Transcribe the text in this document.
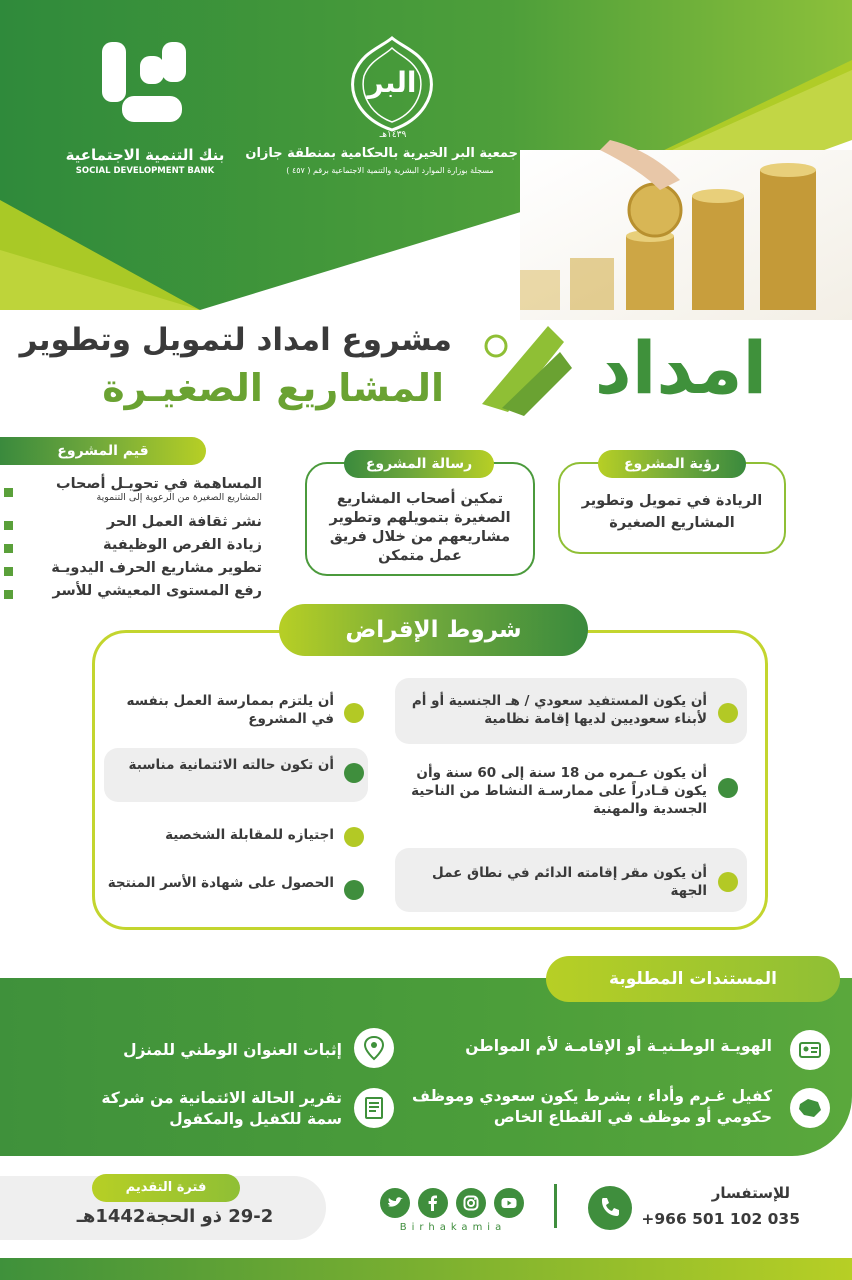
بنك التنمية الاجتماعية
SOCIAL DEVELOPMENT BANK
البر
١٤٣٩هـ
جمعية البر الخيرية بالحكامية بمنطقة جازان
مسجلة بوزارة الموارد البشرية والتنمية الاجتماعية برقم ( ٤٥٧ )
مشروع امداد لتمويل وتطوير
المشاريع الصغيـرة	امداد
الريادة في تمويل وتطوير المشاريع الصغيرة
رؤية المشروع
تمكين أصحاب المشاريع الصغيرة بتمويلهم وتطوير مشاريعهم من خلال فريق عمل متمكن
رسالة المشروع
قيم المشروع
المساهمة في تحويـل أصحاب
المشاريع الصغيرة من الرعوية إلى التنموية
نشر ثقافة العمل الحر
زيادة الفرص الوظيفية
تطوير مشاريع الحرف اليدويـة
رفع المستوى المعيشي للأسر
شروط الإقراض
أن يكون المستفيد سعودي / هـ الجنسية أو أم لأبناء سعوديين لديها إقامة نظامية
أن يكون عـمره من 18 سنة إلى 60 سنة وأن يكون قـادراً على ممارسـة النشاط من الناحية الجسدية والمهنية
أن يكون مقر إقامته الدائم في نطاق عمل الجهة
أن يلتزم بممارسة العمل بنفسه في المشروع
أن تكون حالته الائتمانية مناسبة
اجتيازه للمقابلة الشخصية
الحصول على شهادة الأسر المنتجة
المستندات المطلوبة
الهويـة الوطـنيـة أو الإقامـة لأم المواطن
إثبات العنوان الوطني للمنزل
كفيل غـرم وأداء ، بشرط يكون سعودي وموظف حكومي أو موظف في القطاع الخاص
تقرير الحالة الائتمانية من شركة سمة للكفيل والمكفول
فترة التقديم
29-2 ذو الحجة1442هـ
Birhakamia
للإستفسار
+966 501 102 035
